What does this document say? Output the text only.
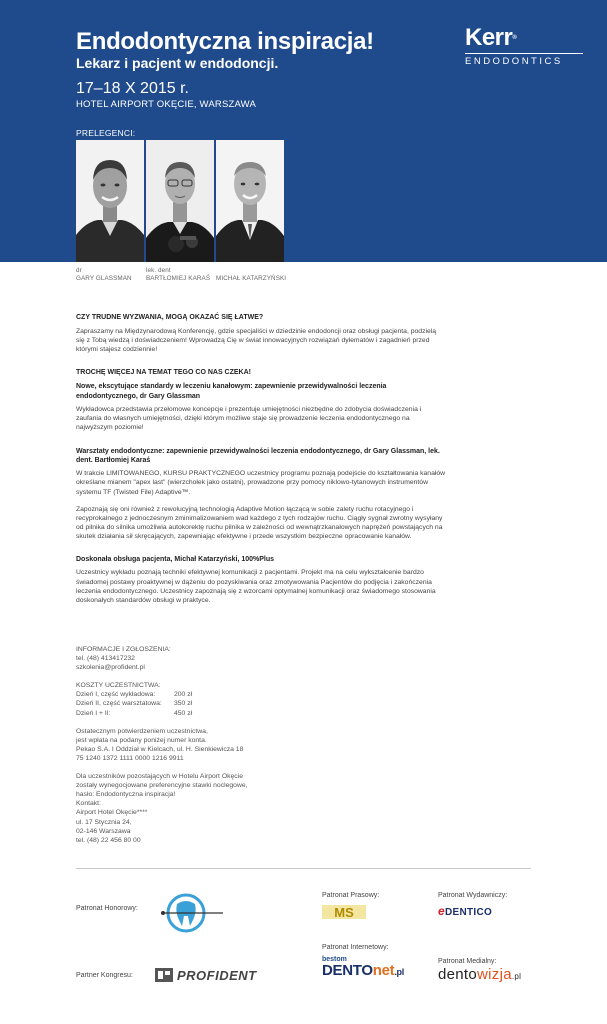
Endodontyczna inspiracja!
Lekarz i pacjent w endodoncji.
17–18 X 2015 r.
HOTEL AIRPORT OKĘCIE, WARSZAWA
PRELEGENCI:
Kerr®
ENDODONTICS
dr
GARY GLASSMAN
lek. dent
BARTŁOMIEJ KARAŚ
MICHAŁ KATARZYŃSKI
CZY TRUDNE WYZWANIA, MOGĄ OKAZAĆ SIĘ ŁATWE?

Zapraszamy na Międzynarodową Konferencję, gdzie specjaliści w dziedzinie endodoncji oraz obsługi pacjenta, podzielą się z Tobą wiedzą i doświadczeniem! Wprowadzą Cię w świat innowacyjnych rozwiązań dylematów i zagadnień przed którymi stajesz codziennie!

TROCHĘ WIĘCEJ NA TEMAT TEGO CO NAS CZEKA!
Nowe, ekscytujące standardy w leczeniu kanałowym: zapewnienie przewidywalności leczenia endodontycznego, dr Gary Glassman

Wykładowca przedstawia przełomowe koncepcje i prezentuje umiejętności niezbędne do zdobycia doświadczenia i zaufania do własnych umiejętności, dzięki którym możliwe staje się prowadzenie leczenia endodontycznego na najwyższym poziomie!

Warsztaty endodontyczne: zapewnienie przewidywalności leczenia endodontycznego, dr Gary Glassman, lek. dent. Bartłomiej Karaś

W trakcie LIMITOWANEGO, KURSU PRAKTYCZNEGO uczestnicy programu poznają podejście do kształtowania kanałów określane mianem "apex last" (wierzchołek jako ostatni), prowadzone przy pomocy niklowo-tytanowych instrumentów systemu TF (Twisted File) Adaptive™.

Zapoznają się oni również z rewolucyjną technologią Adaptive Motion łączącą w sobie zalety ruchu rotacyjnego i recyprokalnego z jednoczesnym zminimalizowaniem wad każdego z tych rodzajów ruchu. Ciągły sygnał zwrotny wysyłany od pilnika do silnika umożliwia autokorektę ruchu pilnika w zależności od wewnątrzkanałowych naprężeń powstających na skutek działania sił skręcających, zapewniając efektywne i przede wszystkim bezpieczne opracowanie kanałów.

Doskonała obsługa pacjenta, Michał Katarzyński, 100%Plus

Uczestnicy wykładu poznają techniki efektywnej komunikacji z pacjentami. Projekt ma na celu wykształcenie bardzo świadomej postawy proaktywnej w dążeniu do pozyskiwania oraz zmotywowania Pacjentów do podjęcia i zakończenia leczenia endodontycznego. Uczestnicy zapoznają się z wzorcami optymalnej komunikacji oraz świadomego stosowania doskonałych standardów obsługi w praktyce.

INFORMACJE I ZGŁOSZENIA:
tel. (48) 413417232
szkolenia@profident.pl
KOSZTY UCZESTNICTWA:
Dzień I, część wykładowa:	200 zł
Dzień II, część warsztatowa:	350 zł
Dzień I + II:	450 zł
Ostatecznym potwierdzeniem uczestnictwa,
jest wpłata na podany poniżej numer konta.
Pekao S.A. I Oddział w Kielcach, ul. H. Sienkiewicza 18
75 1240 1372 1111 0000 1216 9911
Dla uczestników pozostających w Hotelu Airport Okęcie
zostały wynegocjowane preferencyjne stawki noclegowe,
hasło: Endodontyczna inspiracja!
Kontakt:
Airport Hotel Okęcie****
ul. 17 Stycznia 24,
02-146 Warszawa
tel. (48) 22 456 80 00
Patronat Honorowy:
Patronat Prasowy:	Patronat Wydawniczy:
Patronat Internetowy:
Patronat Medialny:
Partner Kongresu:
MS	eDENTICO
bestom
DENTOnet.pl	dentowizja.pl
PROFIDENT
